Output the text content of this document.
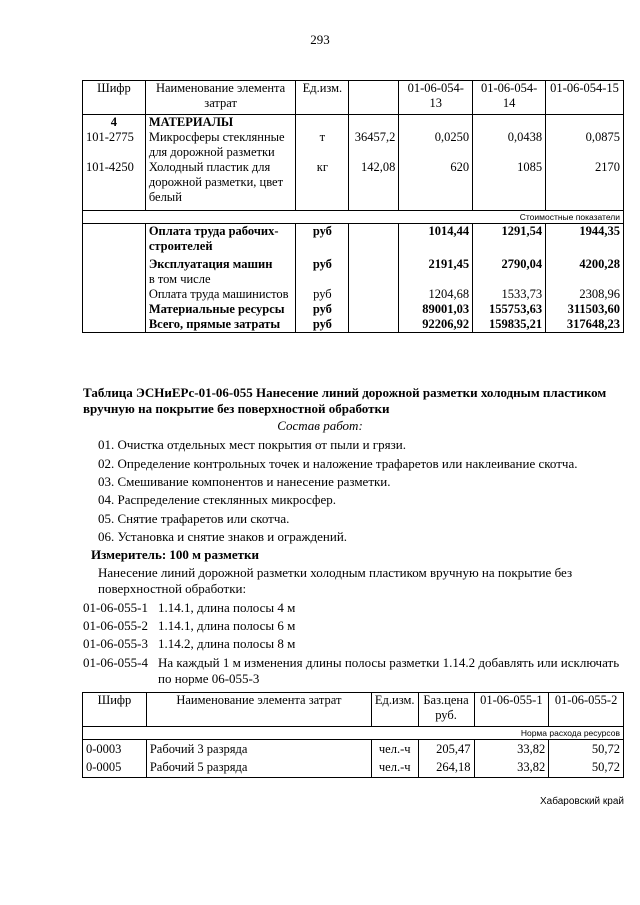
293
Шифр	Наименование элемента затрат	Ед.изм.		01-06-054-13	01-06-054-14	01-06-054-15
4	МАТЕРИАЛЫ					
101-2775	Микросферы стеклянные для дорожной разметки	т	36457,2	0,0250	0,0438	0,0875
101-4250	Холодный пластик для дорожной разметки, цвет белый	кг	142,08	620	1085	2170
Стоимостные показатели						
	Оплата труда рабочих-строителей	руб		1014,44	1291,54	1944,35
	Эксплуатация машин	руб		2191,45	2790,04	4200,28
	в том числе					
	Оплата труда машинистов	руб		1204,68	1533,73	2308,96
	Материальные ресурсы	руб		89001,03	155753,63	311503,60
	Всего, прямые затраты	руб		92206,92	159835,21	317648,23
Таблица ЭСНиЕРс-01-06-055 Нанесение линий дорожной разметки холодным пластиком вручную на покрытие без поверхностной обработки
Состав работ:
01. Очистка отдельных мест покрытия от пыли и грязи.
02. Определение контрольных точек и наложение трафаретов или наклеивание скотча.
03. Смешивание компонентов и нанесение разметки.
04. Распределение стеклянных микросфер.
05. Снятие трафаретов или скотча.
06. Установка и снятие знаков и ограждений.
Измеритель: 100 м разметки
Нанесение линий дорожной разметки холодным пластиком вручную на покрытие без поверхностной обработки:
01-06-055-1 1.14.1, длина полосы 4 м
01-06-055-2 1.14.1, длина полосы 6 м
01-06-055-3 1.14.2, длина полосы 8 м
01-06-055-4 На каждый 1 м изменения длины полосы разметки 1.14.2 добавлять или исключать по норме 06-055-3
Шифр	Наименование элемента затрат	Ед.изм.	Баз.цена руб.	01-06-055-1	01-06-055-2
Норма расхода ресурсов					
0-0003	Рабочий 3 разряда	чел.-ч	205,47	33,82	50,72
0-0005	Рабочий 5 разряда	чел.-ч	264,18	33,82	50,72
Хабаровский край
